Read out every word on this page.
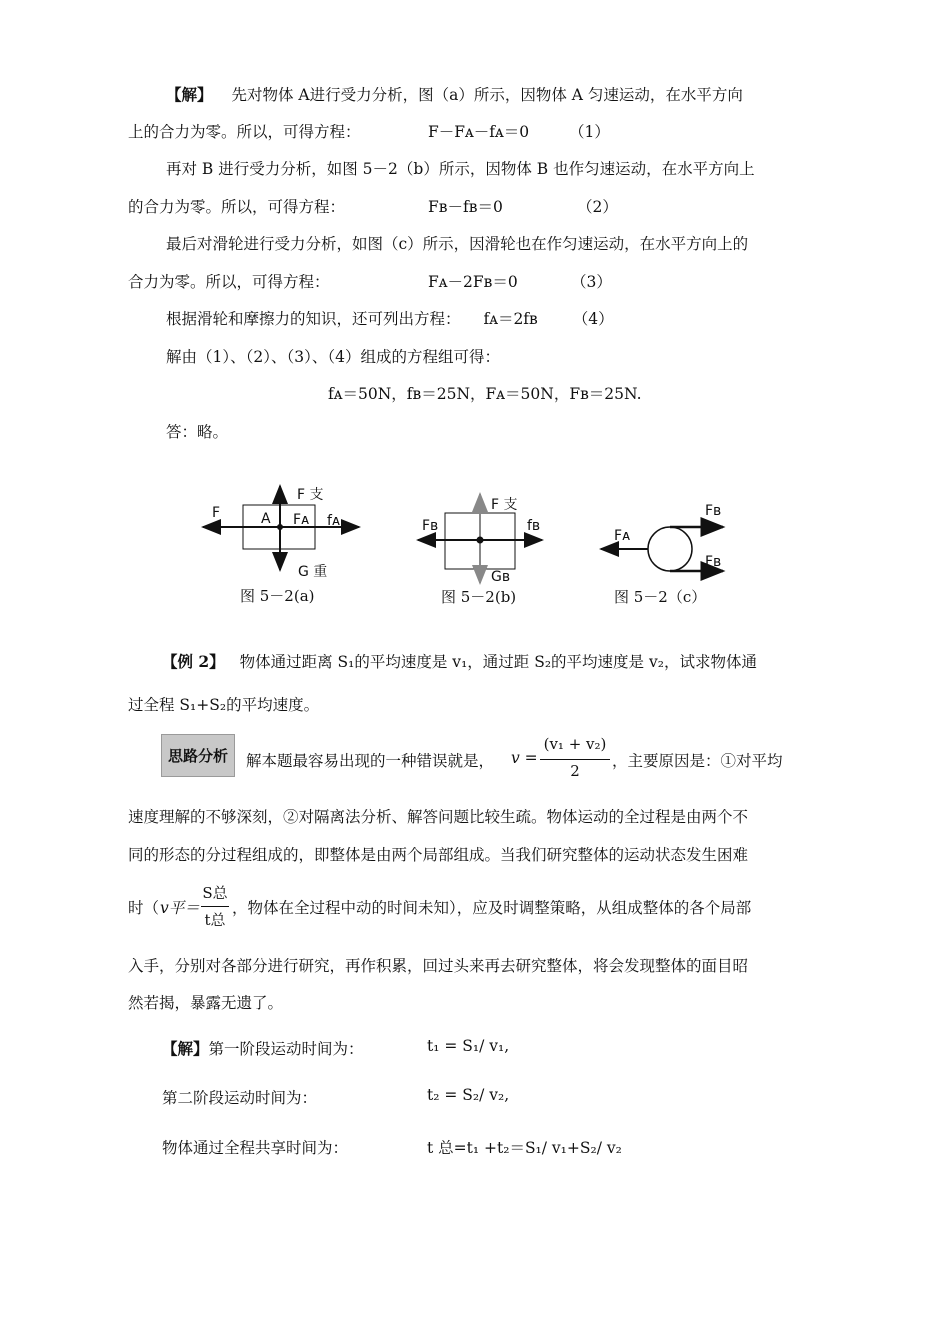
【解】 先对物体 A进行受力分析，图（a）所示，因物体 A 匀速运动，在水平方向
上的合力为零。所以，可得方程：	F－Fᴀ－fᴀ＝0	（1）
再对 B 进行受力分析，如图 5－2（b）所示，因物体 B 也作匀速运动，在水平方向上
的合力为零。所以，可得方程：	Fʙ－fʙ＝0	（2）
最后对滑轮进行受力分析，如图（c）所示，因滑轮也在作匀速运动，在水平方向上的
合力为零。所以，可得方程：	Fᴀ－2Fʙ＝0	（3）
根据滑轮和摩擦力的知识，还可列出方程： fᴀ＝2fʙ （4）
解由（1）、（2）、（3）、（4）组成的方程组可得：
fᴀ＝50N，fʙ＝25N，Fᴀ＝50N，Fʙ＝25N.
答：略。
F	A Fᴀ fᴀ
F 支
G 重
图 5－2(a)
Fʙ	fʙ
F 支
Gʙ
图 5－2(b)
Fᴀ
Fʙ
Fʙ
图 5－2（c）
【例 2】 物体通过距离 S₁的平均速度是 v₁，通过距 S₂的平均速度是 v₂，试求物体通
过全程 S₁+S₂的平均速度。
思路分析	解本题最容易出现的一种错误就是， v =
(v₁ + v₂)
2
，主要原因是：①对平均
速度理解的不够深刻，②对隔离法分析、解答问题比较生疏。物体运动的全过程是由两个不
同的形态的分过程组成的，即整体是由两个局部组成。当我们研究整体的运动状态发生困难
时（ v平＝
S总
t总
，物体在全过程中动的时间未知），应及时调整策略，从组成整体的各个局部
入手，分别对各部分进行研究，再作积累，回过头来再去研究整体，将会发现整体的面目昭
然若揭，暴露无遗了。
【解】第一阶段运动时间为：	t₁ = S₁/ v₁,
第二阶段运动时间为：	t₂ = S₂/ v₂,
物体通过全程共享时间为：	t 总=t₁ +t₂＝S₁/ v₁+S₂/ v₂
